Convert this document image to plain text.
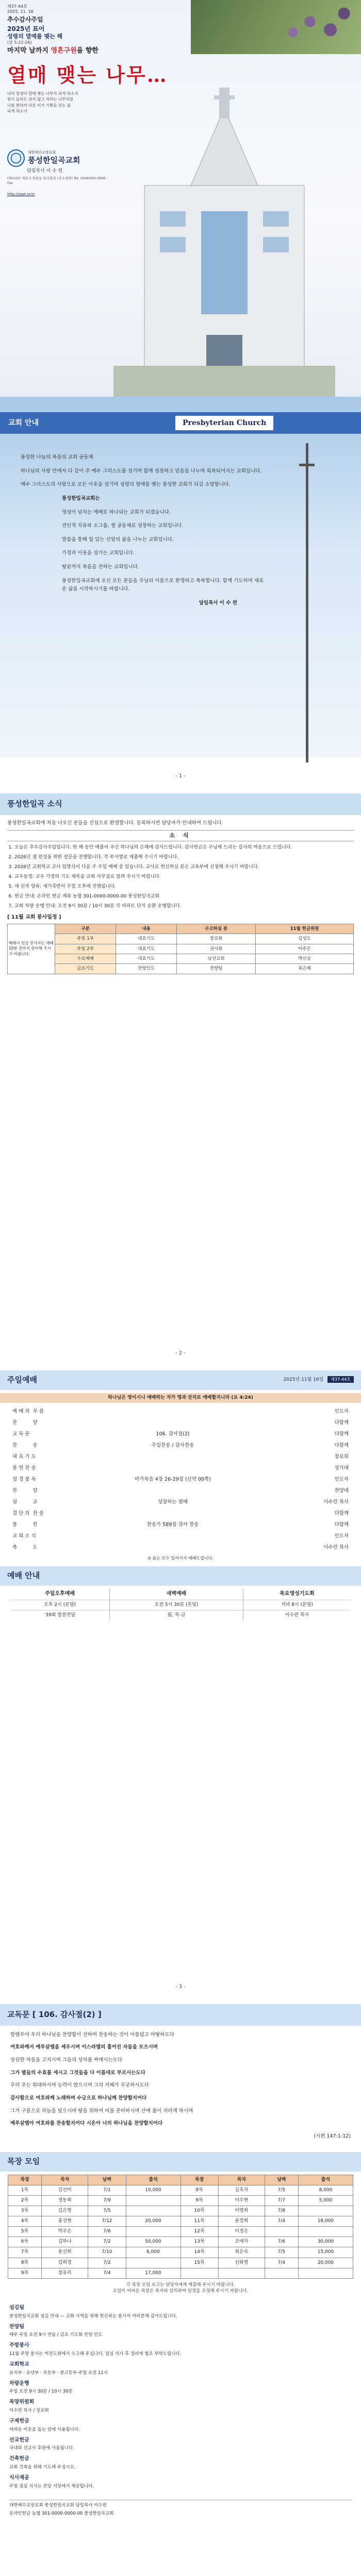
제37-44호
2025. 11. 16
추수감사주일
2025년 표어
성령의 열매를 맺는 해
(갈 5:22-26)
마지막 날까지 영혼구원을 향한
열매 맺는 나무…
나의 일생이 열매 맺는 나무가 되게 하소서
힘이 들어도 쉬지 않고 자라는 나무처럼
나를 통하여 다른 이가 기쁨을 얻는 삶
되게 하소서
대한예수교장로회
풍성한일곡교회
담임목사 이 수 련
(30101) 세종시 한솔동 일곡원길 (주소생략) Tel: (044)000-0000 · Fax
http://sspt.or.kr
교회 안내	Presbyterian Church

풍성한 나눔의 복음의 교회 공동체

하나님의 사랑 안에서 다 같이 주 예수 그리스도를 섬기며 함께 성장하고 믿음을 나누며 회복되어지는 교회입니다.

예수 그리스도의 사랑으로 모든 이웃을 섬기며 성령의 열매를 맺는 풍성한 교회가 되길 소망합니다.

풍성한일곡교회는

영성이 넘치는 예배로 하나되는 교회가 되겠습니다.

전인적 치유와 소그룹, 셀 공동체로 성장하는 교회입니다.

말씀을 통해 힘 있는 신앙의 삶을 나누는 교회입니다.

가정과 이웃을 섬기는 교회입니다.

땅끝까지 복음을 전하는 교회입니다.

풍성한일곡교회에 오신 모든 분들을 주님의 이름으로 환영하고 축복합니다. 함께 기도하며 새로운 삶을 시작하시기를 바랍니다.

담임목사 이 수 련

- 1 -
풍성한일곡 소식
풍성한일곡교회에 처음 나오신 분들을 진심으로 환영합니다. 등록하시면 담당자가 안내하여 드립니다.
소 식
1. 오늘은 추수감사주일입니다. 한 해 동안 베풀어 주신 하나님의 은혜에 감사드립니다. 감사헌금은 주님께 드리는 감사의 마음으로 드립니다.
2. 2026년 셀 편성을 위한 설문을 진행합니다. 각 부서별로 제출해 주시기 바랍니다.
3. 2026년 교회학교 교사 임명식이 다음 주 주일 예배 중 있습니다. 교사로 헌신하실 분은 교육부에 신청해 주시기 바랍니다.
4. 교우동정: 교우 가정의 기도 제목을 교회 사무실로 알려 주시기 바랍니다.
5. 새 신자 양육: 새가족반이 주일 오후에 진행됩니다.
6. 헌금 안내: 온라인 헌금 계좌 농협 301-0000-0000-00 풍성한일곡교회
7. 교회 차량 운행 안내: 오전 9시 30분 / 10시 30분 각 아파트 단지 순환 운행합니다.
[ 11월 교회 봉사일정 ]
예배시 헌금 봉사자는 예배 10분 전까지 준비해 주시기 바랍니다.	구분	내용	수고하실 분	11월 헌금위원
	주일 1부	대표기도	장로회	김성도
	주일 2부	대표기도	권사회	이주은
	수요예배	대표기도	남선교회	박신실
	금요기도	찬양인도	찬양팀	최은혜
- 2 -
주일예배	2025년 11월 16일 제37-44호
하나님은 영이시니 예배하는 자가 영과 진리로 예배할지니라 (요 4:24)
예 배 의  부 름		인도자
찬          양		다함께
교 독 문	106. 감사절(2)	다함께
찬          송	주일찬송 / 감사찬송	다함께
대 표 기 도		장로회
봉 헌 찬 송		성가대
성 경 봉 독	마가복음 4장 26-29절 (신약 00쪽)	인도자
찬          양		찬양대
설          교	성장하는 열매	이수련 목사
결 단 의  찬 송		다함께
봉          헌	찬송가 589장 감사 찬송	다함께
교 회 소 식		인도자
축          도		이수련 목사
⊙ 표는 모두 일어서서 예배드립니다.
예배 안내
주일오후예배	새벽예배	목요영성기도회
오후 2시 (본당)	오전 5시 30분 (본당)	저녁 8시 (본당)
'39회 말씀전달	월, 목-금	이수련 목사
- 3 -
교독문 [ 106. 감사절(2) ]

할렐루야 우리 하나님을 찬양함이 선하며 찬송하는 것이 아름답고 마땅하도다

여호와께서 예루살렘을 세우시며 이스라엘의 흩어진 자들을 모으시며

상심한 자들을 고치시며 그들의 상처를 싸매시는도다

그가 별들의 수효를 세시고 그것들을 다 이름대로 부르시는도다

우리 주는 위대하시며 능력이 많으시며 그의 지혜가 무궁하시도다

감사함으로 여호와께 노래하며 수금으로 하나님께 찬양할지어다

그가 구름으로 하늘을 덮으시며 땅을 위하여 비를 준비하시며 산에 풀이 자라게 하시며

예루살렘아 여호와를 찬송할지어다 시온아 너의 하나님을 찬양할지어다

(시편 147:1-12)

목장 모임
목장	목자	날짜	출석	목장	목자	날짜	출석
1목	김선미	7/1	10,000	8목	김옥자	7/5	8,000
2목	정동희	7/9		9목	이주현	7/7	5,000
3목	김은영	7/5		10목	이영희	7/8	
4목	홍성현	7/12	20,000	11목	윤정희	7/4	18,000
5목	박주은	7/6		12목	이정은		
6목	김하나	7/2	50,000	13목	조애자	7/6	30,000
7목	윤선희	7/10	6,000	14목	최은숙	7/5	15,000
8목	김희경	7/2		15목	신화영	7/4	20,000
9목	장유리	7/4	17,000				
각 목장 모임 보고는 담당자에게 제출해 주시기 바랍니다.
모임이 어려운 목장은 목자와 상의하여 일정을 조정해 주시기 바랍니다.
섬김팀

풍성한일곡교회 섬김 안내 — 교회 사역을 위해 헌신하는 봉사자 여러분께 감사드립니다.

찬양팀

매주 주일 오전 9시 연습 / 금요 기도회 찬양 인도

주방봉사

11월 주방 봉사는 여전도회에서 수고해 주십니다. 점심 식사 후 정리에 협조 부탁드립니다.

교회학교

유치부 · 유년부 · 초등부 · 중고등부 주일 오전 11시

차량운행

주일 오전 9시 30분 / 10시 30분

목양위원회

이수련 목사 / 장로회

구제헌금

어려운 이웃을 돕는 일에 사용됩니다.

선교헌금

국내외 선교사 후원에 사용됩니다.

건축헌금

교회 건축을 위해 기도해 주십시오.

식사제공

주일 점심 식사는 본당 식당에서 제공됩니다.

대한예수교장로회 풍성한일곡교회 담임목사 이수련

온라인헌금 농협 301-0000-0000-00 풍성한일곡교회
